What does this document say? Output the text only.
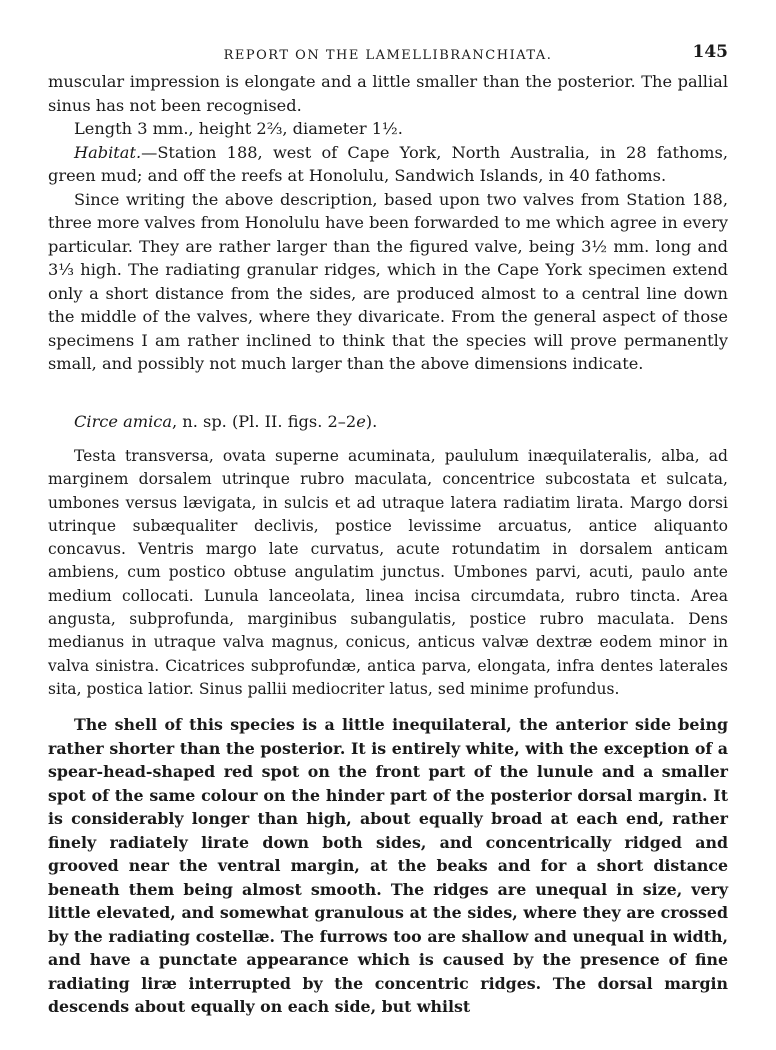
REPORT ON THE LAMELLIBRANCHIATA.	145

muscular impression is elongate and a little smaller than the posterior. The pallial sinus has not been recognised.

Length 3 mm., height 2⅔, diameter 1½.

Habitat.—Station 188, west of Cape York, North Australia, in 28 fathoms, green mud; and off the reefs at Honolulu, Sandwich Islands, in 40 fathoms.

Since writing the above description, based upon two valves from Station 188, three more valves from Honolulu have been forwarded to me which agree in every particular. They are rather larger than the figured valve, being 3½ mm. long and 3⅓ high. The radiating granular ridges, which in the Cape York specimen extend only a short distance from the sides, are produced almost to a central line down the middle of the valves, where they divaricate. From the general aspect of those specimens I am rather inclined to think that the species will prove permanently small, and possibly not much larger than the above dimensions indicate.

Circe amica, n. sp. (Pl. II. figs. 2–2e).

Testa transversa, ovata superne acuminata, paululum inæquilateralis, alba, ad marginem dorsalem utrinque rubro maculata, concentrice subcostata et sulcata, umbones versus lævigata, in sulcis et ad utraque latera radiatim lirata. Margo dorsi utrinque subæqualiter declivis, postice levissime arcuatus, antice aliquanto concavus. Ventris margo late curvatus, acute rotundatim in dorsalem anticam ambiens, cum postico obtuse angulatim junctus. Umbones parvi, acuti, paulo ante medium collocati. Lunula lanceolata, linea incisa circumdata, rubro tincta. Area angusta, subprofunda, marginibus subangulatis, postice rubro maculata. Dens medianus in utraque valva magnus, conicus, anticus valvæ dextræ eodem minor in valva sinistra. Cicatrices subprofundæ, antica parva, elongata, infra dentes laterales sita, postica latior. Sinus pallii mediocriter latus, sed minime profundus.

The shell of this species is a little inequilateral, the anterior side being rather shorter than the posterior. It is entirely white, with the exception of a spear-head-shaped red spot on the front part of the lunule and a smaller spot of the same colour on the hinder part of the posterior dorsal margin. It is considerably longer than high, about equally broad at each end, rather finely radiately lirate down both sides, and concentrically ridged and grooved near the ventral margin, at the beaks and for a short distance beneath them being almost smooth. The ridges are unequal in size, very little elevated, and somewhat granulous at the sides, where they are crossed by the radiating costellæ. The furrows too are shallow and unequal in width, and have a punctate appearance which is caused by the presence of fine radiating liræ interrupted by the concentric ridges. The dorsal margin descends about equally on each side, but whilst
